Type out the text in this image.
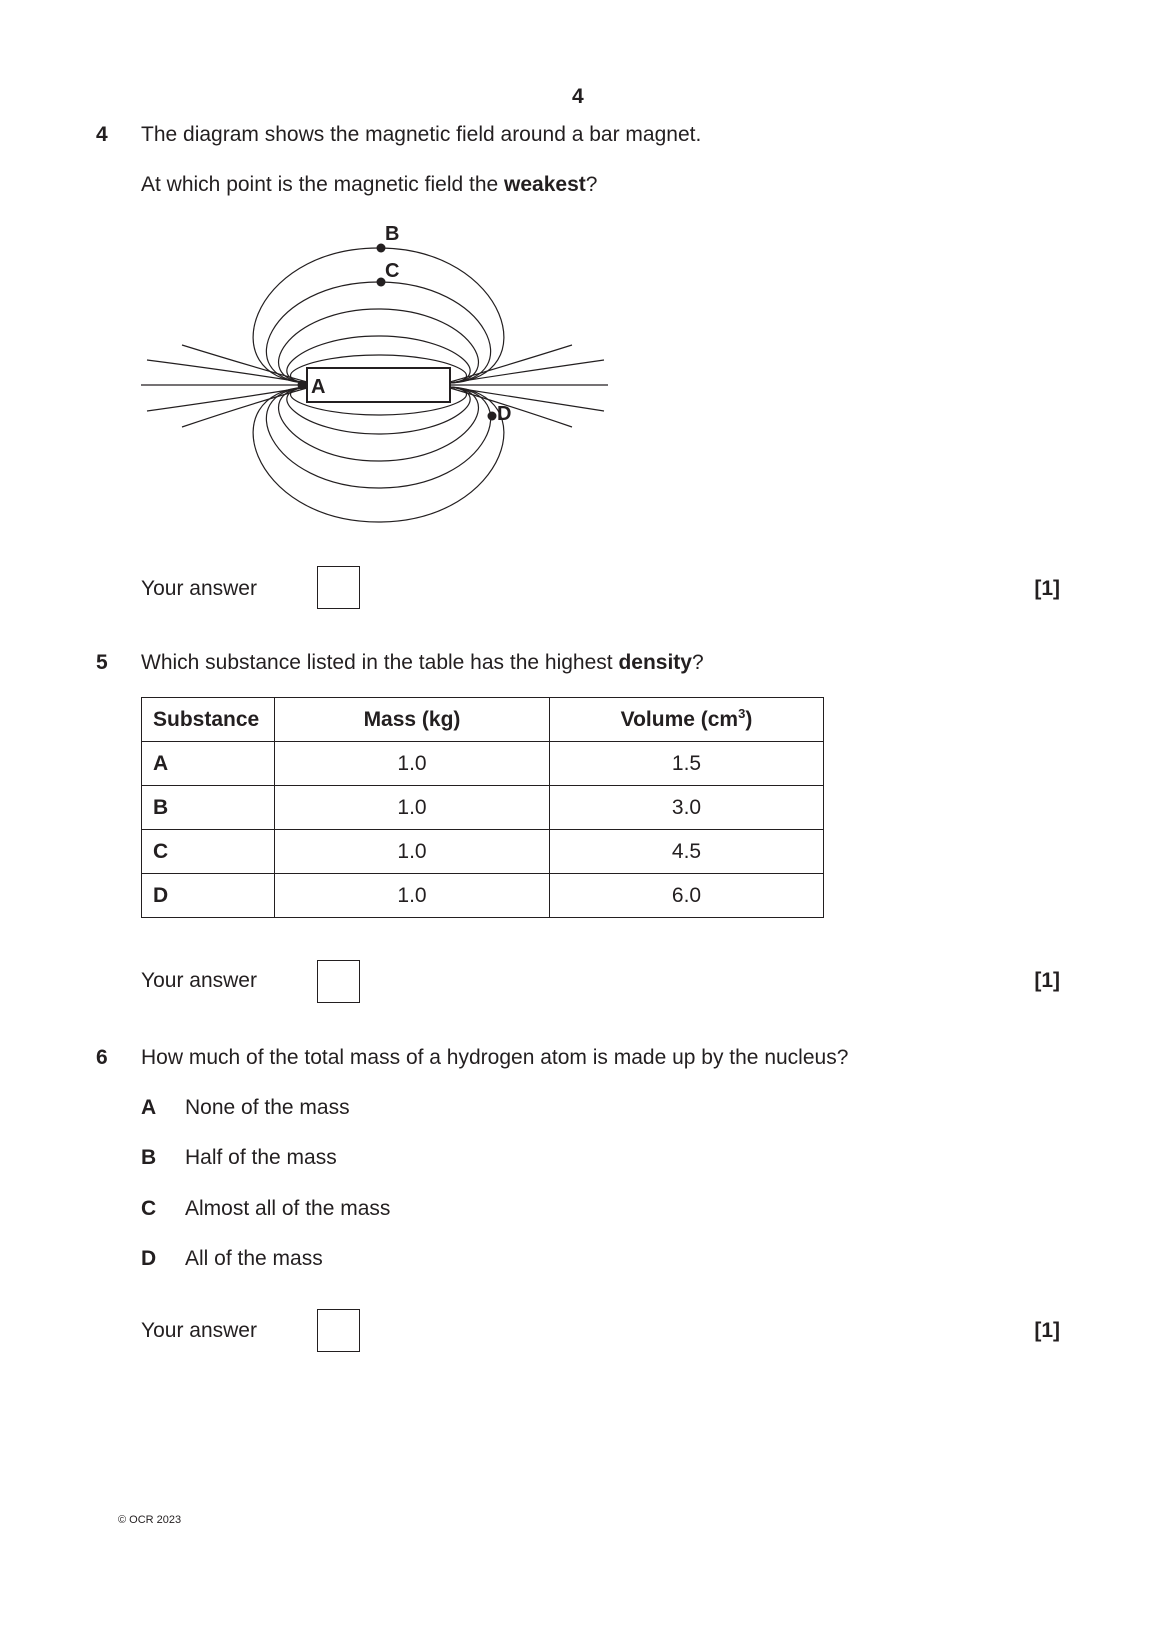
4
4 The diagram shows the magnetic field around a bar magnet.
At which point is the magnetic field the weakest?
A
B
C
D
Your answer	[1]
5 Which substance listed in the table has the highest density?
Substance	Mass (kg)	Volume $(cm^3)$
A	1.0	1.5
B	1.0	3.0
C	1.0	4.5
D	1.0	6.0
Your answer	[1]
6 How much of the total mass of a hydrogen atom is made up by the nucleus?
A None of the mass
B Half of the mass
C Almost all of the mass
D All of the mass
Your answer	[1]
© OCR 2023
